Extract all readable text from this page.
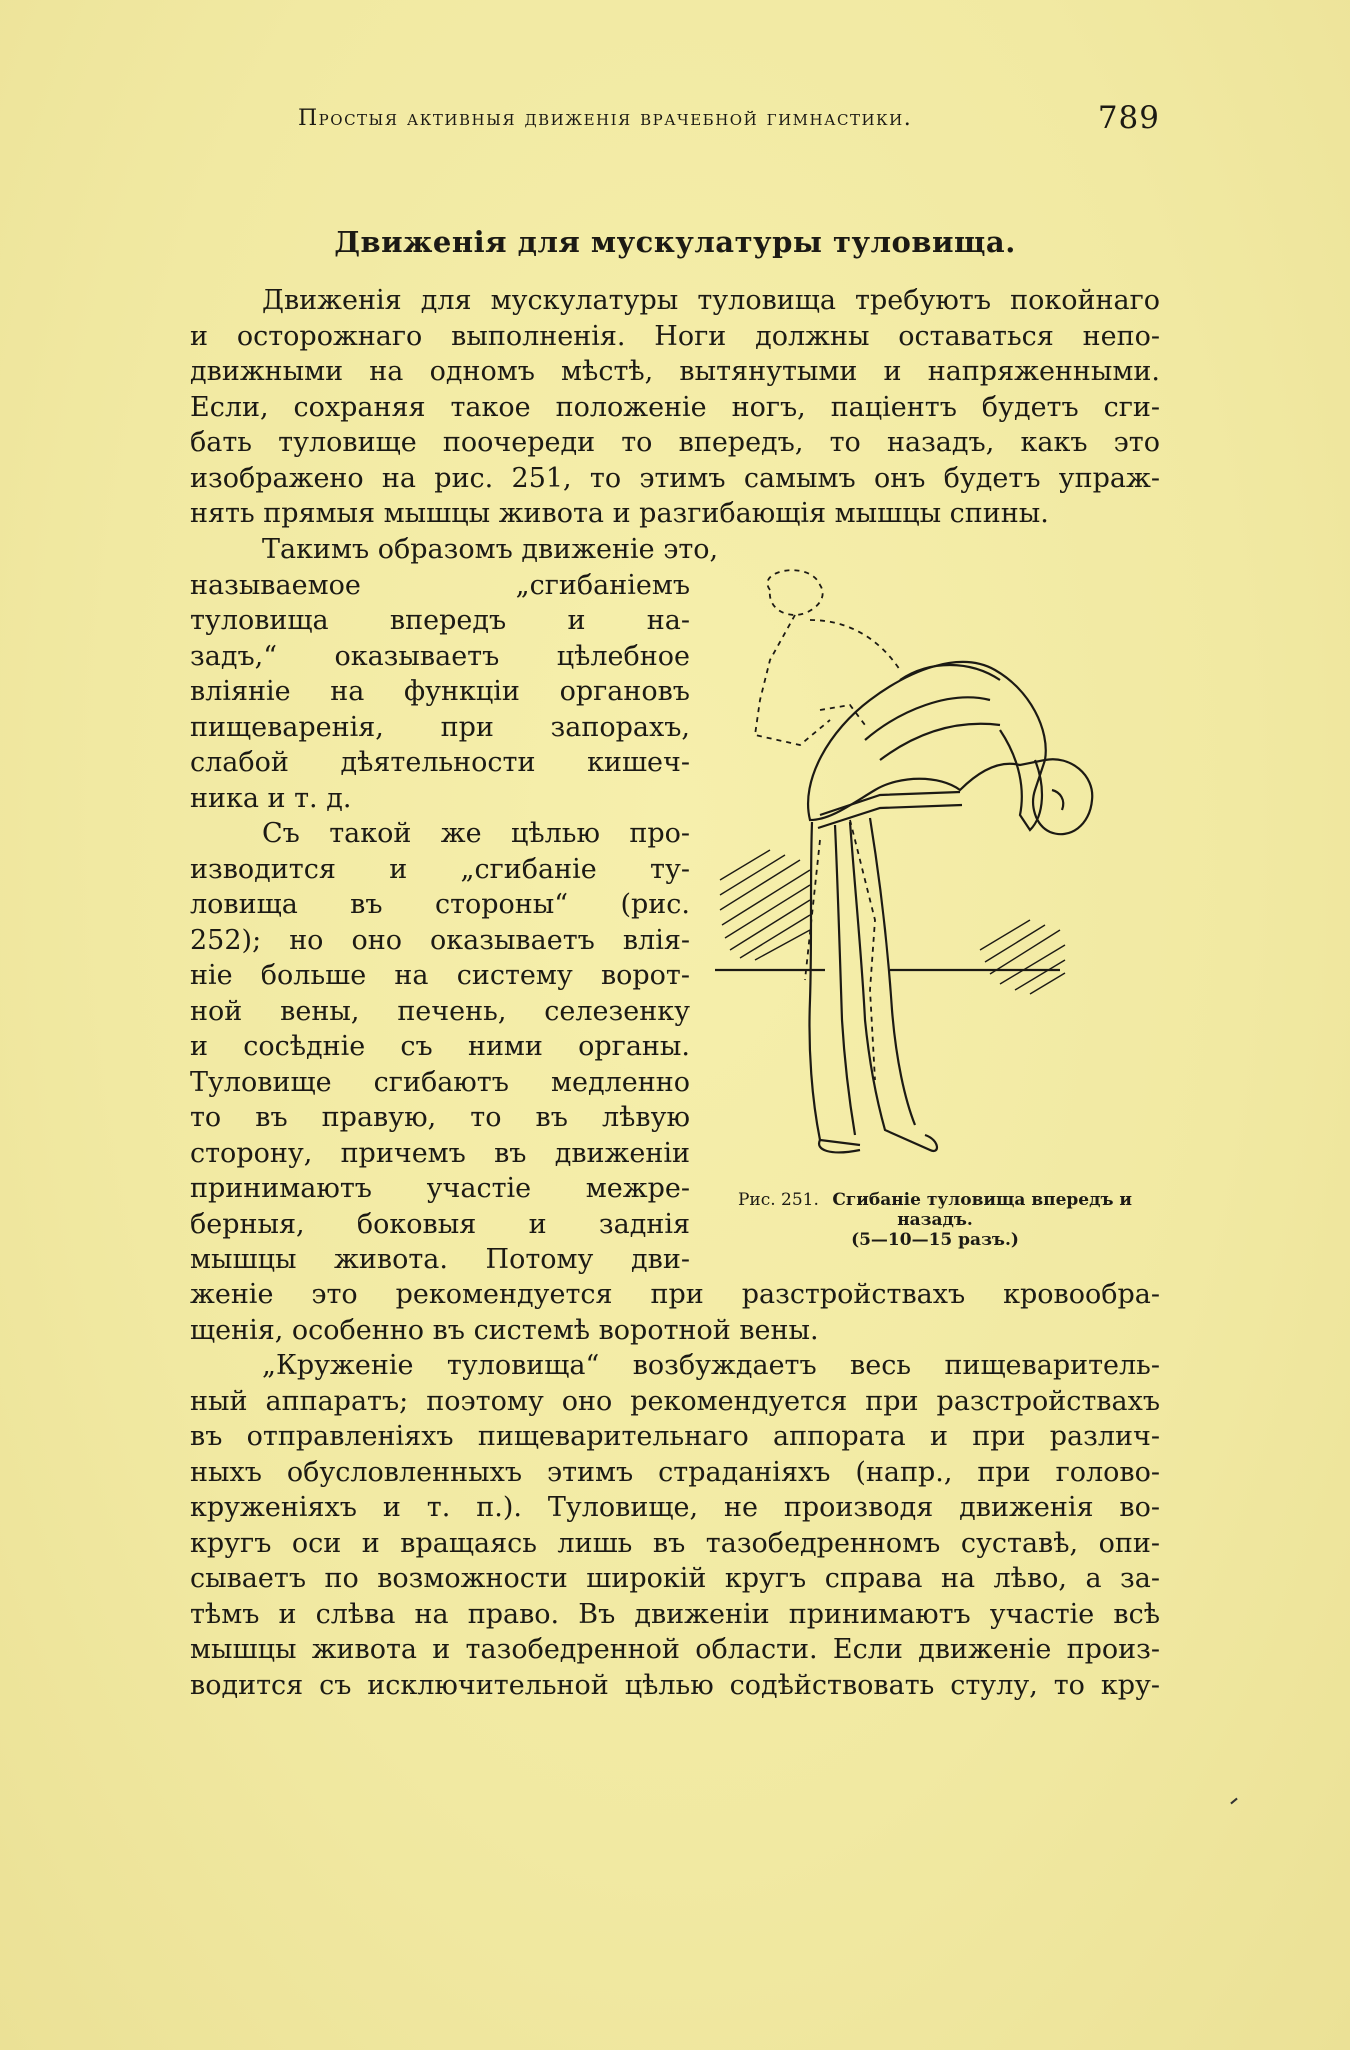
Простыя активныя движенія врачебной гимнастики.	789
Движенія для мускулатуры туловища.
Движенія для мускулатуры туловища требуютъ покойнаго
и осторожнаго выполненія. Ноги должны оставаться непо-
движными на одномъ мѣстѣ, вытянутыми и напряженными.
Если, сохраняя такое положеніе ногъ, паціентъ будетъ сги-
бать туловище поочереди то впередъ, то назадъ, какъ это
изображено на рис. 251, то этимъ самымъ онъ будетъ упраж-
нять прямыя мышцы живота и разгибающія мышцы спины.
Такимъ образомъ движеніе это,
называемое „сгибаніемъ
туловища впередъ и на-
задъ,“ оказываетъ цѣлебное
вліяніе на функціи органовъ
пищеваренія, при запорахъ,
слабой дѣятельности кишеч-
ника и т. д.
Съ такой же цѣлью про-
изводится и „сгибаніе ту-
ловища въ стороны“ (рис.
252); но оно оказываетъ влія-
ніе больше на систему ворот-
ной вены, печень, селезенку
и сосѣдніе съ ними органы.
Туловище сгибаютъ медленно
то въ правую, то въ лѣвую
сторону, причемъ въ движеніи
принимаютъ участіе межре-
берныя, боковыя и заднія
мышцы живота. Потому дви-
женіе это рекомендуется при разстройствахъ кровообра-
щенія, особенно въ системѣ воротной вены.
„Круженіе туловища“ возбуждаетъ весь пищеваритель-
ный аппаратъ; поэтому оно рекомендуется при разстройствахъ
въ отправленіяхъ пищеварительнаго аппората и при различ-
ныхъ обусловленныхъ этимъ страданіяхъ (напр., при голово-
круженіяхъ и т. п.). Туловище, не производя движенія во-
кругъ оси и вращаясь лишь въ тазобедренномъ суставѣ, опи-
сываетъ по возможности широкій кругъ справа на лѣво, а за-
тѣмъ и слѣва на право. Въ движеніи принимаютъ участіе всѣ
мышцы живота и тазобедренной области. Если движеніе произ-
водится съ исключительной цѣлью содѣйствовать стулу, то кру-
Рис. 251. Сгибаніе туловища впередъ и назадъ.
(5—10—15 разъ.)
